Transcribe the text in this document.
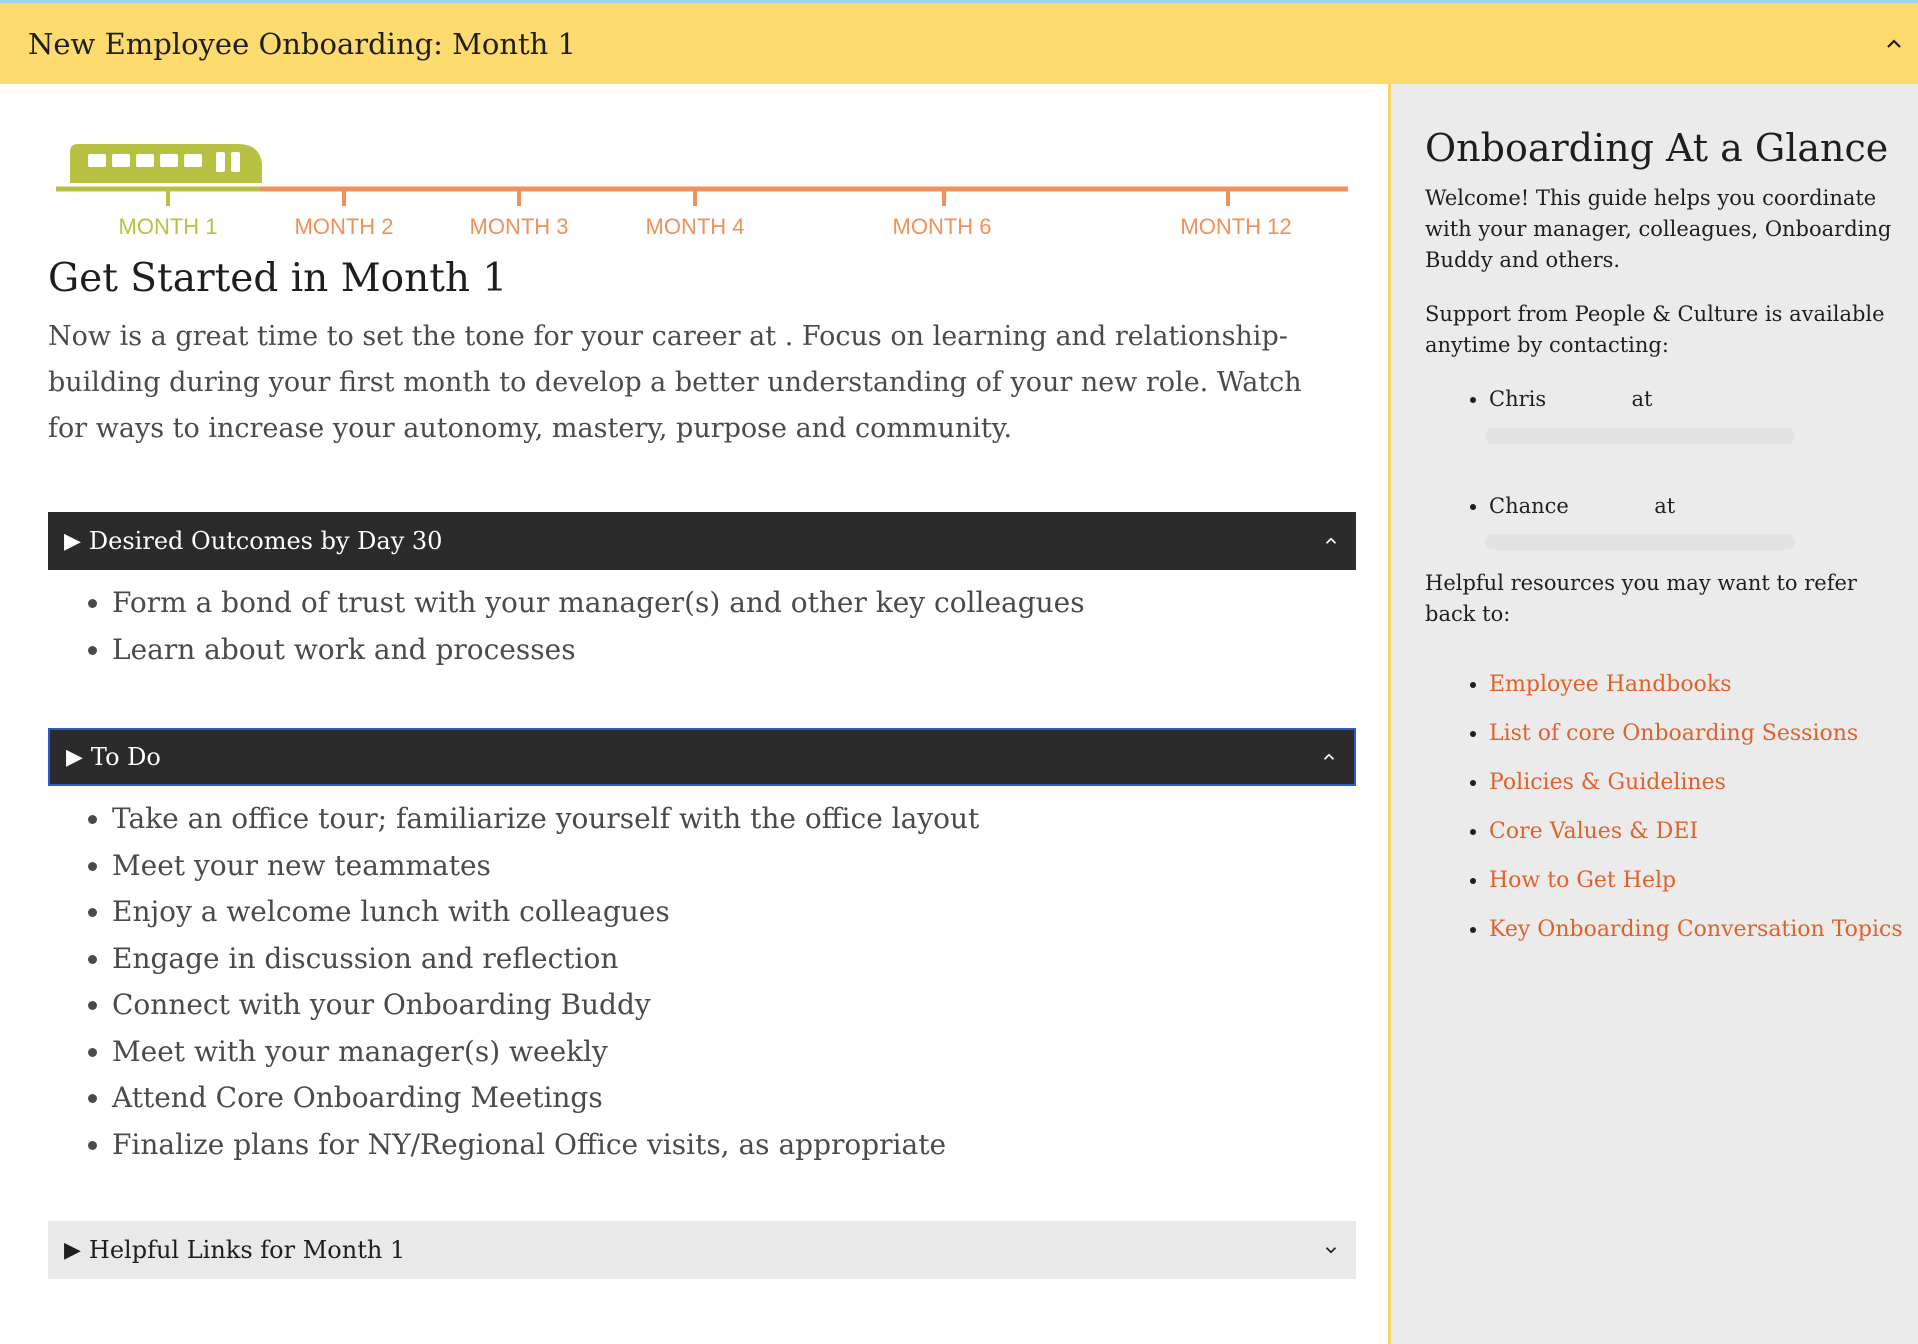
New Employee Onboarding: Month 1
MONTH 1	MONTH 2	MONTH 3	MONTH 4	MONTH 6	MONTH 12
Get Started in Month 1

Now is a great time to set the tone for your career at . Focus on learning and relationship-building during your first month to develop a better understanding of your new role. Watch for ways to increase your autonomy, mastery, purpose and community.

▶ Desired Outcomes by Day 30
• Form a bond of trust with your manager(s) and other key colleagues
• Learn about work and processes
▶ To Do
• Take an office tour; familiarize yourself with the office layout
• Meet your new teammates
• Enjoy a welcome lunch with colleagues
• Engage in discussion and reflection
• Connect with your Onboarding Buddy
• Meet with your manager(s) weekly
• Attend Core Onboarding Meetings
• Finalize plans for NY/Regional Office visits, as appropriate
▶ Helpful Links for Month 1
Onboarding At a Glance

Welcome! This guide helps you coordinate with your manager, colleagues, Onboarding Buddy and others.

Support from People & Culture is available anytime by contacting:

• Chris	at
• Chance	at

Helpful resources you may want to refer back to:

• Employee Handbooks
• List of core Onboarding Sessions
• Policies & Guidelines
• Core Values & DEI
• How to Get Help
• Key Onboarding Conversation Topics
